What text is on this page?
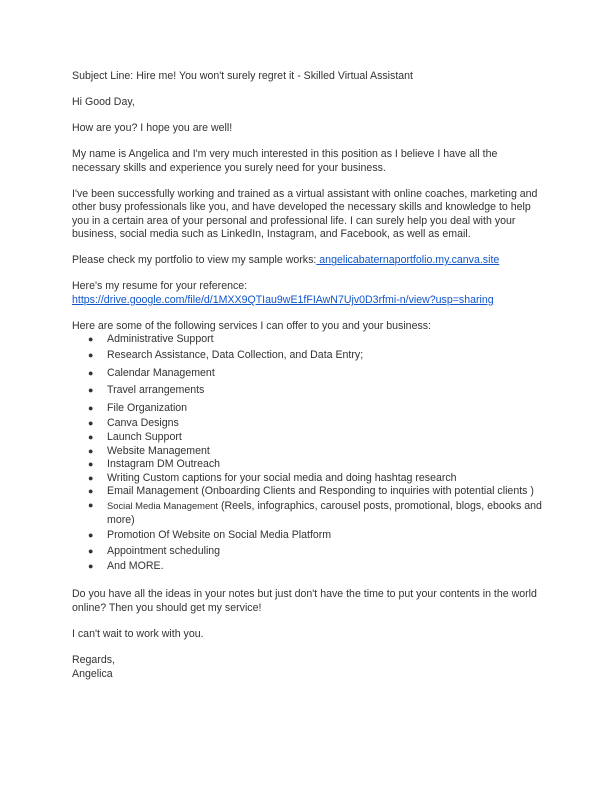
Subject Line: Hire me! You won't surely regret it - Skilled Virtual Assistant

Hi Good Day,

How are you? I hope you are well!

My name is Angelica and I'm very much interested in this position as I believe I have all the necessary skills and experience you surely need for your business.

I've been successfully working and trained as a virtual assistant with online coaches, marketing and other busy professionals like you, and have developed the necessary skills and knowledge to help you in a certain area of your personal and professional life. I can surely help you deal with your business, social media such as LinkedIn, Instagram, and Facebook, as well as email.

Please check my portfolio to view my sample works: angelicabaternaportfolio.my.canva.site

Here's my resume for your reference:

https://drive.google.com/file/d/1MXX9QTIau9wE1fFIAwN7Ujv0D3rfmi-n/view?usp=sharing

Here are some of the following services I can offer to you and your business:

● Administrative Support
● Research Assistance, Data Collection, and Data Entry;
● Calendar Management
● Travel arrangements
● File Organization
● Canva Designs
● Launch Support
● Website Management
● Instagram DM Outreach
● Writing Custom captions for your social media and doing hashtag research
● Email Management (Onboarding Clients and Responding to inquiries with potential clients )
● Social Media Management (Reels, infographics, carousel posts, promotional, blogs, ebooks and more)
● Promotion Of Website on Social Media Platform
● Appointment scheduling
● And MORE.

Do you have all the ideas in your notes but just don't have the time to put your contents in the world online? Then you should get my service!

I can't wait to work with you.

Regards,

Angelica
